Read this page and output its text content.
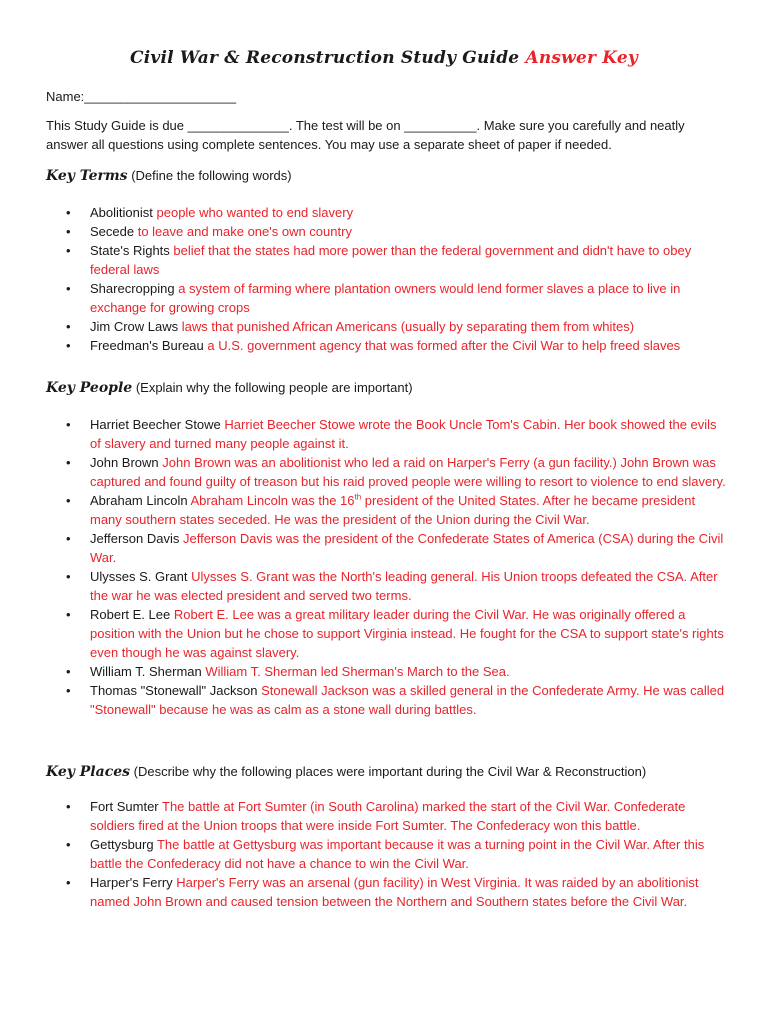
Civil War & Reconstruction Study Guide Answer Key
Name:_____________________
This Study Guide is due ______________. The test will be on __________. Make sure you carefully and neatly answer all questions using complete sentences. You may use a separate sheet of paper if needed.
Key Terms (Define the following words)
• Abolitionist people who wanted to end slavery
• Secede to leave and make one's own country
• State's Rights belief that the states had more power than the federal government and didn't have to obey federal laws
• Sharecropping a system of farming where plantation owners would lend former slaves a place to live in exchange for growing crops
• Jim Crow Laws laws that punished African Americans (usually by separating them from whites)
• Freedman's Bureau a U.S. government agency that was formed after the Civil War to help freed slaves
Key People (Explain why the following people are important)
• Harriet Beecher Stowe Harriet Beecher Stowe wrote the Book Uncle Tom's Cabin. Her book showed the evils of slavery and turned many people against it.
• John Brown John Brown was an abolitionist who led a raid on Harper's Ferry (a gun facility.) John Brown was captured and found guilty of treason but his raid proved people were willing to resort to violence to end slavery.
• Abraham Lincoln Abraham Lincoln was the 16th president of the United States. After he became president many southern states seceded. He was the president of the Union during the Civil War.
• Jefferson Davis Jefferson Davis was the president of the Confederate States of America (CSA) during the Civil War.
• Ulysses S. Grant Ulysses S. Grant was the North's leading general. His Union troops defeated the CSA. After the war he was elected president and served two terms.
• Robert E. Lee Robert E. Lee was a great military leader during the Civil War. He was originally offered a position with the Union but he chose to support Virginia instead. He fought for the CSA to support state's rights even though he was against slavery.
• William T. Sherman William T. Sherman led Sherman's March to the Sea.
• Thomas "Stonewall" Jackson Stonewall Jackson was a skilled general in the Confederate Army. He was called "Stonewall" because he was as calm as a stone wall during battles.
Key Places (Describe why the following places were important during the Civil War & Reconstruction)
• Fort Sumter The battle at Fort Sumter (in South Carolina) marked the start of the Civil War. Confederate soldiers fired at the Union troops that were inside Fort Sumter. The Confederacy won this battle.
• Gettysburg The battle at Gettysburg was important because it was a turning point in the Civil War. After this battle the Confederacy did not have a chance to win the Civil War.
• Harper's Ferry Harper's Ferry was an arsenal (gun facility) in West Virginia. It was raided by an abolitionist named John Brown and caused tension between the Northern and Southern states before the Civil War.
